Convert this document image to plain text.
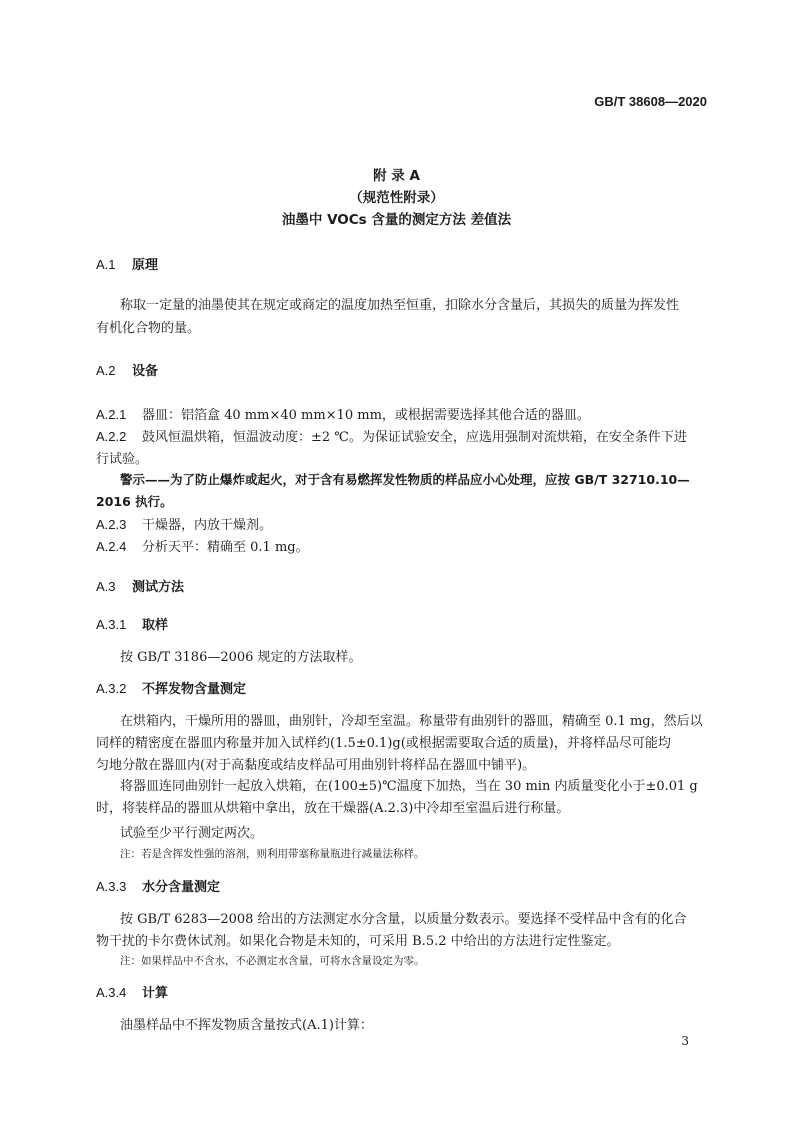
GB/T 38608—2020
附 录 A
（规范性附录）
油墨中 VOCs 含量的测定方法 差值法
A.1 原理
称取一定量的油墨使其在规定或商定的温度加热至恒重，扣除水分含量后，其损失的质量为挥发性
有机化合物的量。
A.2 设备
A.2.1 器皿：铝箔盒 40 mm×40 mm×10 mm，或根据需要选择其他合适的器皿。
A.2.2 鼓风恒温烘箱，恒温波动度：±2 ℃。为保证试验安全，应选用强制对流烘箱，在安全条件下进
行试验。
警示——为了防止爆炸或起火，对于含有易燃挥发性物质的样品应小心处理，应按 GB/T 32710.10—
2016 执行。
A.2.3 干燥器，内放干燥剂。
A.2.4 分析天平：精确至 0.1 mg。
A.3 测试方法
A.3.1 取样
按 GB/T 3186—2006 规定的方法取样。
A.3.2 不挥发物含量测定
在烘箱内，干燥所用的器皿，曲别针，冷却至室温。称量带有曲别针的器皿，精确至 0.1 mg，然后以
同样的精密度在器皿内称量并加入试样约(1.5±0.1)g(或根据需要取合适的质量)，并将样品尽可能均
匀地分散在器皿内(对于高黏度或结皮样品可用曲别针将样品在器皿中铺平)。
将器皿连同曲别针一起放入烘箱，在(100±5)℃温度下加热，当在 30 min 内质量变化小于±0.01 g
时，将装样品的器皿从烘箱中拿出，放在干燥器(A.2.3)中冷却至室温后进行称量。
试验至少平行测定两次。
注：若是含挥发性强的溶剂，则利用带塞称量瓶进行减量法称样。
A.3.3 水分含量测定
按 GB/T 6283—2008 给出的方法测定水分含量，以质量分数表示。要选择不受样品中含有的化合
物干扰的卡尔费休试剂。如果化合物是未知的，可采用 B.5.2 中给出的方法进行定性鉴定。
注：如果样品中不含水，不必测定水含量，可将水含量设定为零。
A.3.4 计算
油墨样品中不挥发物质含量按式(A.1)计算：
3
